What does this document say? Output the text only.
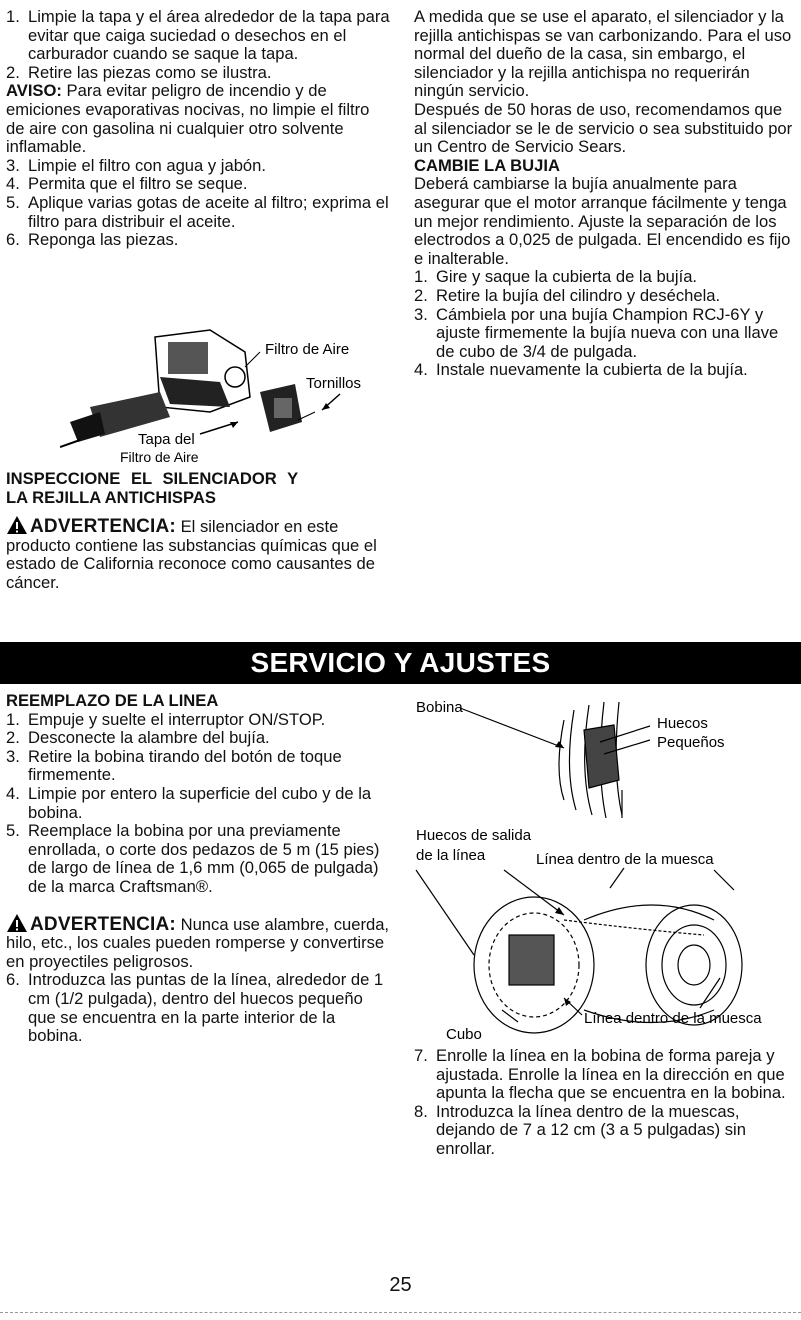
1. Limpie la tapa y el área alrededor de la tapa para evitar que caiga suciedad o desechos en el carburador cuando se saque la tapa.
2. Retire las piezas como se ilustra.

AVISO: Para evitar peligro de incendio y de emiciones evaporativas nocivas, no limpie el filtro de aire con gasolina ni cualquier otro solvente inflamable.

3. Limpie el filtro con agua y jabón.
4. Permita que el filtro se seque.
5. Aplique varias gotas de aceite al filtro; exprima el filtro para distribuir el aceite.
6. Reponga las piezas.
Filtro de Aire
Tornillos
Tapa del
Filtro de Aire

INSPECCIONE EL SILENCIADOR Y

LA REJILLA ANTICHISPAS

ADVERTENCIA: El silenciador en este producto contiene las substancias químicas que el estado de California reconoce como causantes de cáncer.

A medida que se use el aparato, el silenciador y la rejilla antichispas se van carbonizando. Para el uso normal del dueño de la casa, sin embargo, el silenciador y la rejilla antichispa no requerirán ningún servicio.

Después de 50 horas de uso, recomendamos que al silenciador se le de servicio o sea substituido por un Centro de Servicio Sears.

CAMBIE LA BUJIA

Deberá cambiarse la bujía anualmente para asegurar que el motor arranque fácilmente y tenga un mejor rendimiento. Ajuste la separación de los electrodos a 0,025 de pulgada. El encendido es fijo e inalterable.

1. Gire y saque la cubierta de la bujía.
2. Retire la bujía del cilindro y deséchela.
3. Cámbiela por una bujía Champion RCJ-6Y y ajuste firmemente la bujía nueva con una llave de cubo de 3/4 de pulgada.
4. Instale nuevamente la cubierta de la bujía.
SERVICIO Y AJUSTES

REEMPLAZO DE LA LINEA

1. Empuje y suelte el interruptor ON/STOP.
2. Desconecte la alambre del bujía.
3. Retire la bobina tirando del botón de toque firmemente.
4. Limpie por entero la superficie del cubo y de la bobina.
5. Reemplace la bobina por una previamente enrollada, o corte dos pedazos de 5 m (15 pies) de largo de línea de 1,6 mm (0,065 de pulgada) de la marca Craftsman®.

ADVERTENCIA: Nunca use alambre, cuerda, hilo, etc., los cuales pueden romperse y convertirse en proyectiles peligrosos.

6. Introduzca las puntas de la línea, alrededor de 1 cm (1/2 pulgada), dentro del huecos pequeño que se encuentra en la parte interior de la bobina.
Bobina
Huecos
Pequeños
Huecos de salida
de la línea	Línea dentro de la muesca
Línea dentro de la muesca
Cubo
7. Enrolle la línea en la bobina de forma pareja y ajustada. Enrolle la línea en la dirección en que apunta la flecha que se encuentra en la bobina.
8. Introduzca la línea dentro de la muescas, dejando de 7 a 12 cm (3 a 5 pulgadas) sin enrollar.
25
